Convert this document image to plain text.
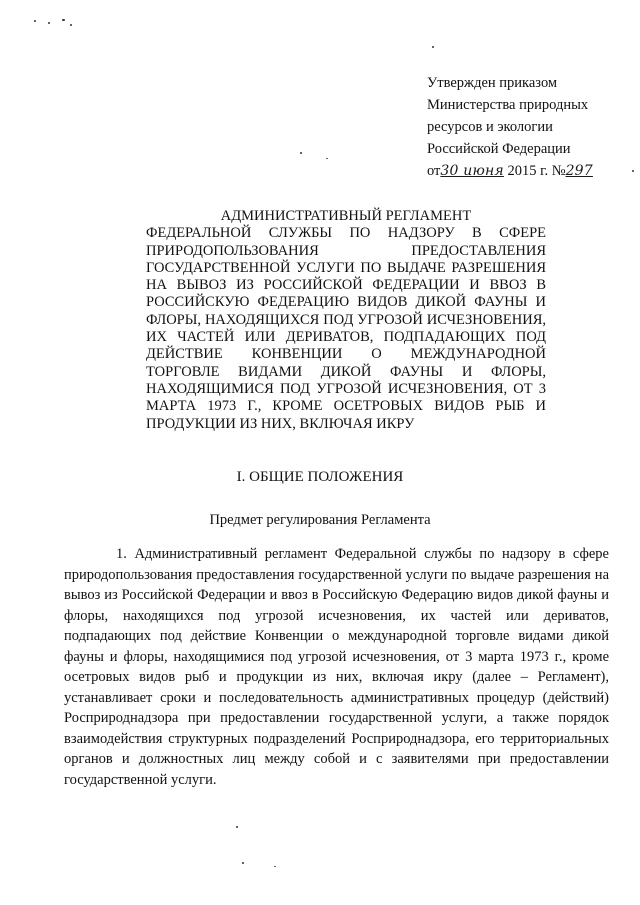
Утвержден приказом
Министерства природных
ресурсов и экологии
Российской Федерации
от30 июня 2015 г. №297
АДМИНИСТРАТИВНЫЙ РЕГЛАМЕНТ
ФЕДЕРАЛЬНОЙ СЛУЖБЫ ПО НАДЗОРУ В СФЕРЕ ПРИРОДОПОЛЬЗОВАНИЯ ПРЕДОСТАВЛЕНИЯ ГОСУДАРСТВЕННОЙ УСЛУГИ ПО ВЫДАЧЕ РАЗРЕШЕНИЯ НА ВЫВОЗ ИЗ РОССИЙСКОЙ ФЕДЕРАЦИИ И ВВОЗ В РОССИЙСКУЮ ФЕДЕРАЦИЮ ВИДОВ ДИКОЙ ФАУНЫ И ФЛОРЫ, НАХОДЯЩИХСЯ ПОД УГРОЗОЙ ИСЧЕЗНОВЕНИЯ, ИХ ЧАСТЕЙ ИЛИ ДЕРИВАТОВ, ПОДПАДАЮЩИХ ПОД ДЕЙСТВИЕ КОНВЕНЦИИ О МЕЖДУНАРОДНОЙ ТОРГОВЛЕ ВИДАМИ ДИКОЙ ФАУНЫ И ФЛОРЫ, НАХОДЯЩИМИСЯ ПОД УГРОЗОЙ ИСЧЕЗНОВЕНИЯ, ОТ 3 МАРТА 1973 Г., КРОМЕ ОСЕТРОВЫХ ВИДОВ РЫБ И ПРОДУКЦИИ ИЗ НИХ, ВКЛЮЧАЯ ИКРУ
I. ОБЩИЕ ПОЛОЖЕНИЯ
Предмет регулирования Регламента
1. Административный регламент Федеральной службы по надзору в сфере природопользования предоставления государственной услуги по выдаче разрешения на вывоз из Российской Федерации и ввоз в Российскую Федерацию видов дикой фауны и флоры, находящихся под угрозой исчезновения, их частей или дериватов, подпадающих под действие Конвенции о международной торговле видами дикой фауны и флоры, находящимися под угрозой исчезновения, от 3 марта 1973 г., кроме осетровых видов рыб и продукции из них, включая икру (далее – Регламент), устанавливает сроки и последовательность административных процедур (действий) Росприроднадзора при предоставлении государственной услуги, а также порядок взаимодействия структурных подразделений Росприроднадзора, его территориальных органов и должностных лиц между собой и с заявителями при предоставлении государственной услуги.
